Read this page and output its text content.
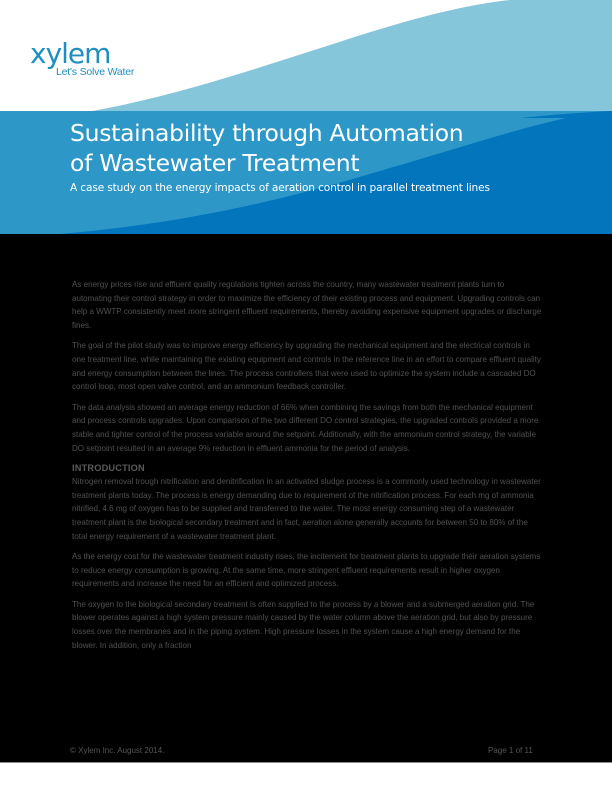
xylem
Let's Solve Water
Sustainability through Automation
of Wastewater Treatment
A case study on the energy impacts of aeration control in parallel treatment lines

As energy prices rise and effluent quality regulations tighten across the country, many wastewater treatment plants turn to automating their control strategy in order to maximize the efficiency of their existing process and equipment. Upgrading controls can help a WWTP consistently meet more stringent effluent requirements, thereby avoiding expensive equipment upgrades or discharge fines.

The goal of the pilot study was to improve energy efficiency by upgrading the mechanical equipment and the electrical controls in one treatment line, while maintaining the existing equipment and controls in the reference line in an effort to compare effluent quality and energy consumption between the lines. The process controllers that were used to optimize the system include a cascaded DO control loop, most open valve control, and an ammonium feedback controller.

The data analysis showed an average energy reduction of 66% when combining the savings from both the mechanical equipment and process controls upgrades. Upon comparison of the two different DO control strategies, the upgraded controls provided a more stable and tighter control of the process variable around the setpoint. Additionally, with the ammonium control strategy, the variable DO setpoint resulted in an average 9% reduction in effluent ammonia for the period of analysis.

INTRODUCTION

Nitrogen removal trough nitrification and denitrification in an activated sludge process is a commonly used technology in wastewater treatment plants today. The process is energy demanding due to requirement of the nitrification process. For each mg of ammonia nitrified, 4.6 mg of oxygen has to be supplied and transferred to the water. The most energy consuming step of a wastewater treatment plant is the biological secondary treatment and in fact, aeration alone generally accounts for between 50 to 80% of the total energy requirement of a wastewater treatment plant.

As the energy cost for the wastewater treatment industry rises, the incitement for treatment plants to upgrade their aeration systems to reduce energy consumption is growing. At the same time, more stringent effluent requirements result in higher oxygen requirements and increase the need for an efficient and optimized process.

The oxygen to the biological secondary treatment is often supplied to the process by a blower and a submerged aeration grid. The blower operates against a high system pressure mainly caused by the water column above the aeration grid, but also by pressure losses over the membranes and in the piping system. High pressure losses in the system cause a high energy demand for the blower. In addition, only a fraction

© Xylem Inc. August 2014.	Page 1 of 11
